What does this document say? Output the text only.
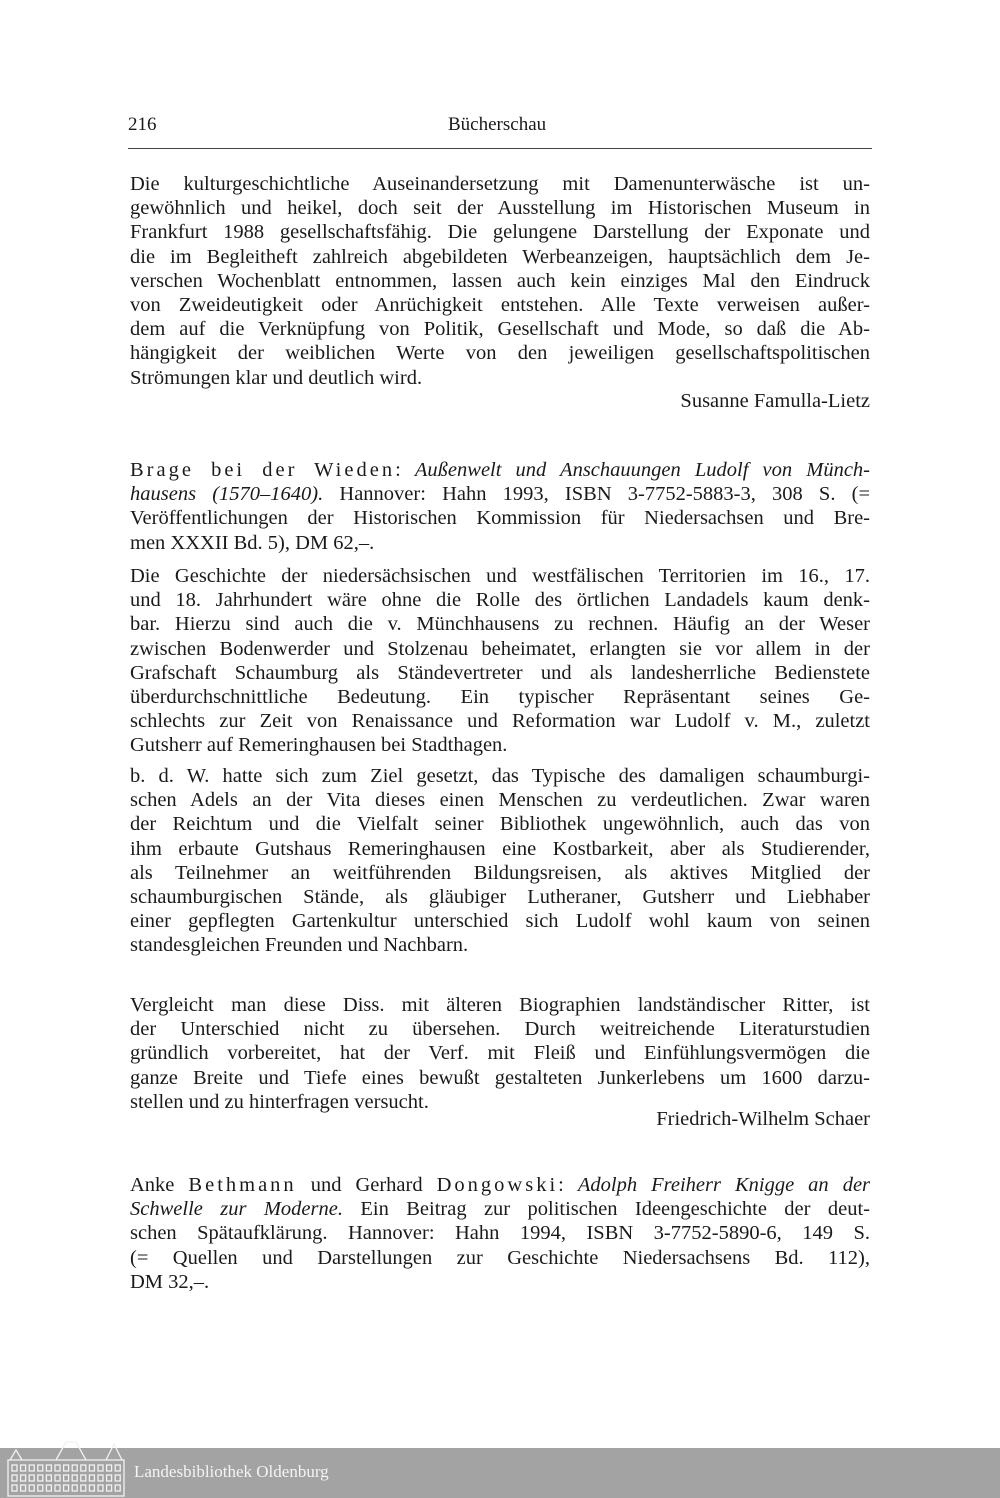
216	Bücherschau
Die kulturgeschichtliche Auseinandersetzung mit Damenunterwäsche ist un-
gewöhnlich und heikel, doch seit der Ausstellung im Historischen Museum in
Frankfurt 1988 gesellschaftsfähig. Die gelungene Darstellung der Exponate und
die im Begleitheft zahlreich abgebildeten Werbeanzeigen, hauptsächlich dem Je-
verschen Wochenblatt entnommen, lassen auch kein einziges Mal den Eindruck
von Zweideutigkeit oder Anrüchigkeit entstehen. Alle Texte verweisen außer-
dem auf die Verknüpfung von Politik, Gesellschaft und Mode, so daß die Ab-
hängigkeit der weiblichen Werte von den jeweiligen gesellschaftspolitischen
Strömungen klar und deutlich wird.
Susanne Famulla-Lietz
Brage bei der Wieden: Außenwelt und Anschauungen Ludolf von Münch-
hausens (1570–1640). Hannover: Hahn 1993, ISBN 3-7752-5883-3, 308 S. (=
Veröffentlichungen der Historischen Kommission für Niedersachsen und Bre-
men XXXII Bd. 5), DM 62,–.
Die Geschichte der niedersächsischen und westfälischen Territorien im 16., 17.
und 18. Jahrhundert wäre ohne die Rolle des örtlichen Landadels kaum denk-
bar. Hierzu sind auch die v. Münchhausens zu rechnen. Häufig an der Weser
zwischen Bodenwerder und Stolzenau beheimatet, erlangten sie vor allem in der
Grafschaft Schaumburg als Ständevertreter und als landesherrliche Bedienstete
überdurchschnittliche Bedeutung. Ein typischer Repräsentant seines Ge-
schlechts zur Zeit von Renaissance und Reformation war Ludolf v. M., zuletzt
Gutsherr auf Remeringhausen bei Stadthagen.
b. d. W. hatte sich zum Ziel gesetzt, das Typische des damaligen schaumburgi-
schen Adels an der Vita dieses einen Menschen zu verdeutlichen. Zwar waren
der Reichtum und die Vielfalt seiner Bibliothek ungewöhnlich, auch das von
ihm erbaute Gutshaus Remeringhausen eine Kostbarkeit, aber als Studierender,
als Teilnehmer an weitführenden Bildungsreisen, als aktives Mitglied der
schaumburgischen Stände, als gläubiger Lutheraner, Gutsherr und Liebhaber
einer gepflegten Gartenkultur unterschied sich Ludolf wohl kaum von seinen
standesgleichen Freunden und Nachbarn.
Vergleicht man diese Diss. mit älteren Biographien landständischer Ritter, ist
der Unterschied nicht zu übersehen. Durch weitreichende Literaturstudien
gründlich vorbereitet, hat der Verf. mit Fleiß und Einfühlungsvermögen die
ganze Breite und Tiefe eines bewußt gestalteten Junkerlebens um 1600 darzu-
stellen und zu hinterfragen versucht.
Friedrich-Wilhelm Schaer
Anke Bethmann und Gerhard Dongowski: Adolph Freiherr Knigge an der
Schwelle zur Moderne. Ein Beitrag zur politischen Ideengeschichte der deut-
schen Spätaufklärung. Hannover: Hahn 1994, ISBN 3-7752-5890-6, 149 S.
(= Quellen und Darstellungen zur Geschichte Niedersachsens Bd. 112),
DM 32,–.
Landesbibliothek Oldenburg
